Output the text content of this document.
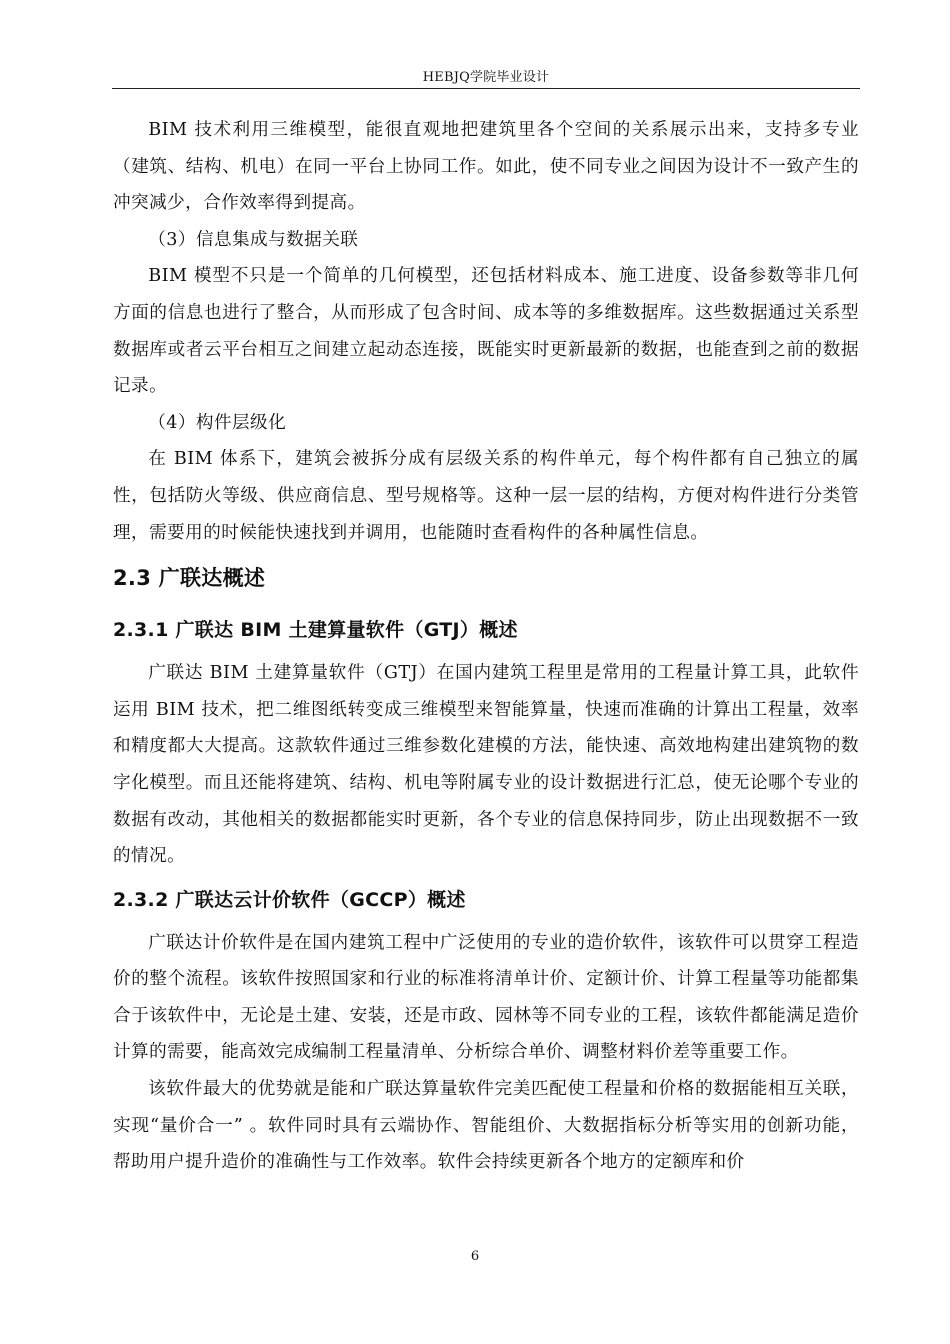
HEBJQ学院毕业设计

BIM 技术利用三维模型，能很直观地把建筑里各个空间的关系展示出来，支持多专业（建筑、结构、机电）在同一平台上协同工作。如此，使不同专业之间因为设计不一致产生的冲突减少，合作效率得到提高。

（3）信息集成与数据关联

BIM 模型不只是一个简单的几何模型，还包括材料成本、施工进度、设备参数等非几何方面的信息也进行了整合，从而形成了包含时间、成本等的多维数据库。这些数据通过关系型数据库或者云平台相互之间建立起动态连接，既能实时更新最新的数据，也能查到之前的数据记录。

（4）构件层级化

在 BIM 体系下，建筑会被拆分成有层级关系的构件单元，每个构件都有自己独立的属性，包括防火等级、供应商信息、型号规格等。这种一层一层的结构，方便对构件进行分类管理，需要用的时候能快速找到并调用，也能随时查看构件的各种属性信息。

2.3 广联达概述
2.3.1 广联达 BIM 土建算量软件（GTJ）概述

广联达 BIM 土建算量软件（GTJ）在国内建筑工程里是常用的工程量计算工具，此软件运用 BIM 技术，把二维图纸转变成三维模型来智能算量，快速而准确的计算出工程量，效率和精度都大大提高。这款软件通过三维参数化建模的方法，能快速、高效地构建出建筑物的数字化模型。而且还能将建筑、结构、机电等附属专业的设计数据进行汇总，使无论哪个专业的数据有改动，其他相关的数据都能实时更新，各个专业的信息保持同步，防止出现数据不一致的情况。

2.3.2 广联达云计价软件（GCCP）概述

广联达计价软件是在国内建筑工程中广泛使用的专业的造价软件，该软件可以贯穿工程造价的整个流程。该软件按照国家和行业的标准将清单计价、定额计价、计算工程量等功能都集合于该软件中，无论是土建、安装，还是市政、园林等不同专业的工程，该软件都能满足造价计算的需要，能高效完成编制工程量清单、分析综合单价、调整材料价差等重要工作。

该软件最大的优势就是能和广联达算量软件完美匹配使工程量和价格的数据能相互关联，实现“量价合一” 。软件同时具有云端协作、智能组价、大数据指标分析等实用的创新功能，帮助用户提升造价的准确性与工作效率。软件会持续更新各个地方的定额库和价

6
